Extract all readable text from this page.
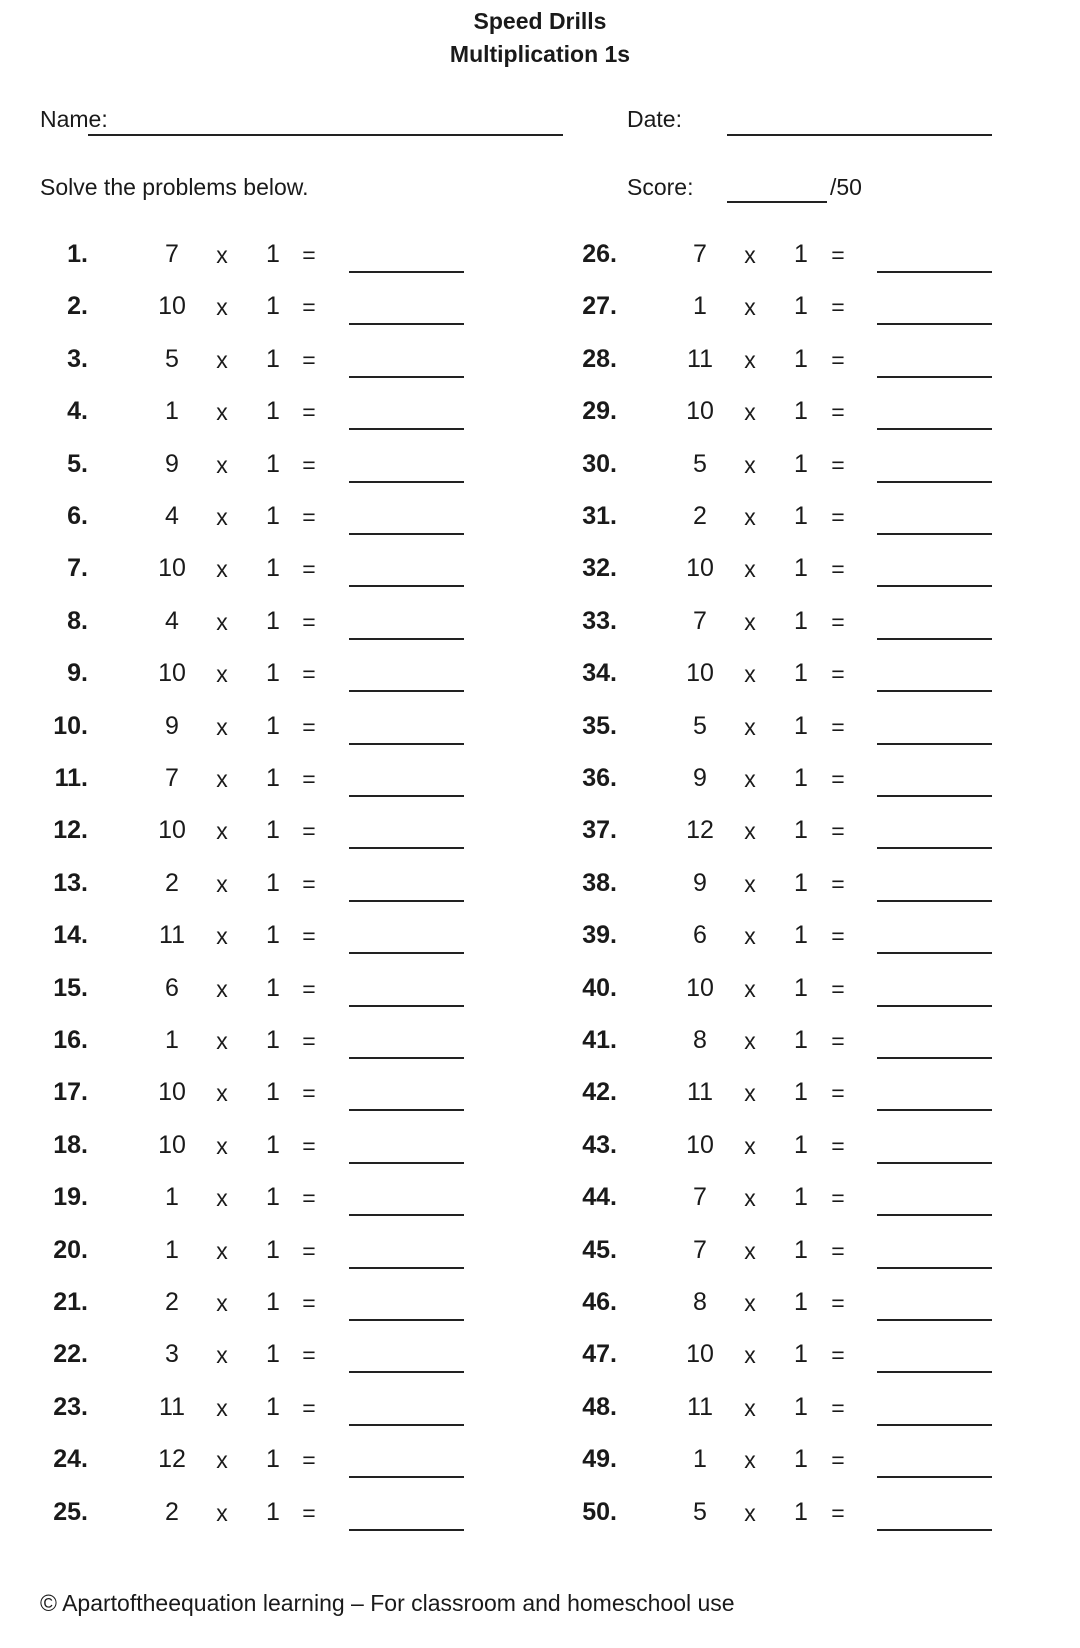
Speed Drills
Multiplication 1s
Name:	Date:
Solve the problems below.	Score:	/50
1.	7	x	1 =
2.	10	x	1 =
3.	5	x	1 =
4.	1	x	1 =
5.	9	x	1 =
6.	4	x	1 =
7.	10	x	1 =
8.	4	x	1 =
9.	10	x	1 =
10.	9	x	1 =
11.	7	x	1 =
12.	10	x	1 =
13.	2	x	1 =
14.	11	x	1 =
15.	6	x	1 =
16.	1	x	1 =
17.	10	x	1 =
18.	10	x	1 =
19.	1	x	1 =
20.	1	x	1 =
21.	2	x	1 =
22.	3	x	1 =
23.	11	x	1 =
24.	12	x	1 =
25.	2	x	1 =
26.	7	x	1	=
27.	1	x	1	=
28.	11	x	1	=
29.	10	x	1	=
30.	5	x	1	=
31.	2	x	1	=
32.	10	x	1	=
33.	7	x	1	=
34.	10	x	1	=
35.	5	x	1	=
36.	9	x	1	=
37.	12	x	1	=
38.	9	x	1	=
39.	6	x	1	=
40.	10	x	1	=
41.	8	x	1	=
42.	11	x	1	=
43.	10	x	1	=
44.	7	x	1	=
45.	7	x	1	=
46.	8	x	1	=
47.	10	x	1	=
48.	11	x	1	=
49.	1	x	1	=
50.	5	x	1	=
© Apartoftheequation learning – For classroom and homeschool use
